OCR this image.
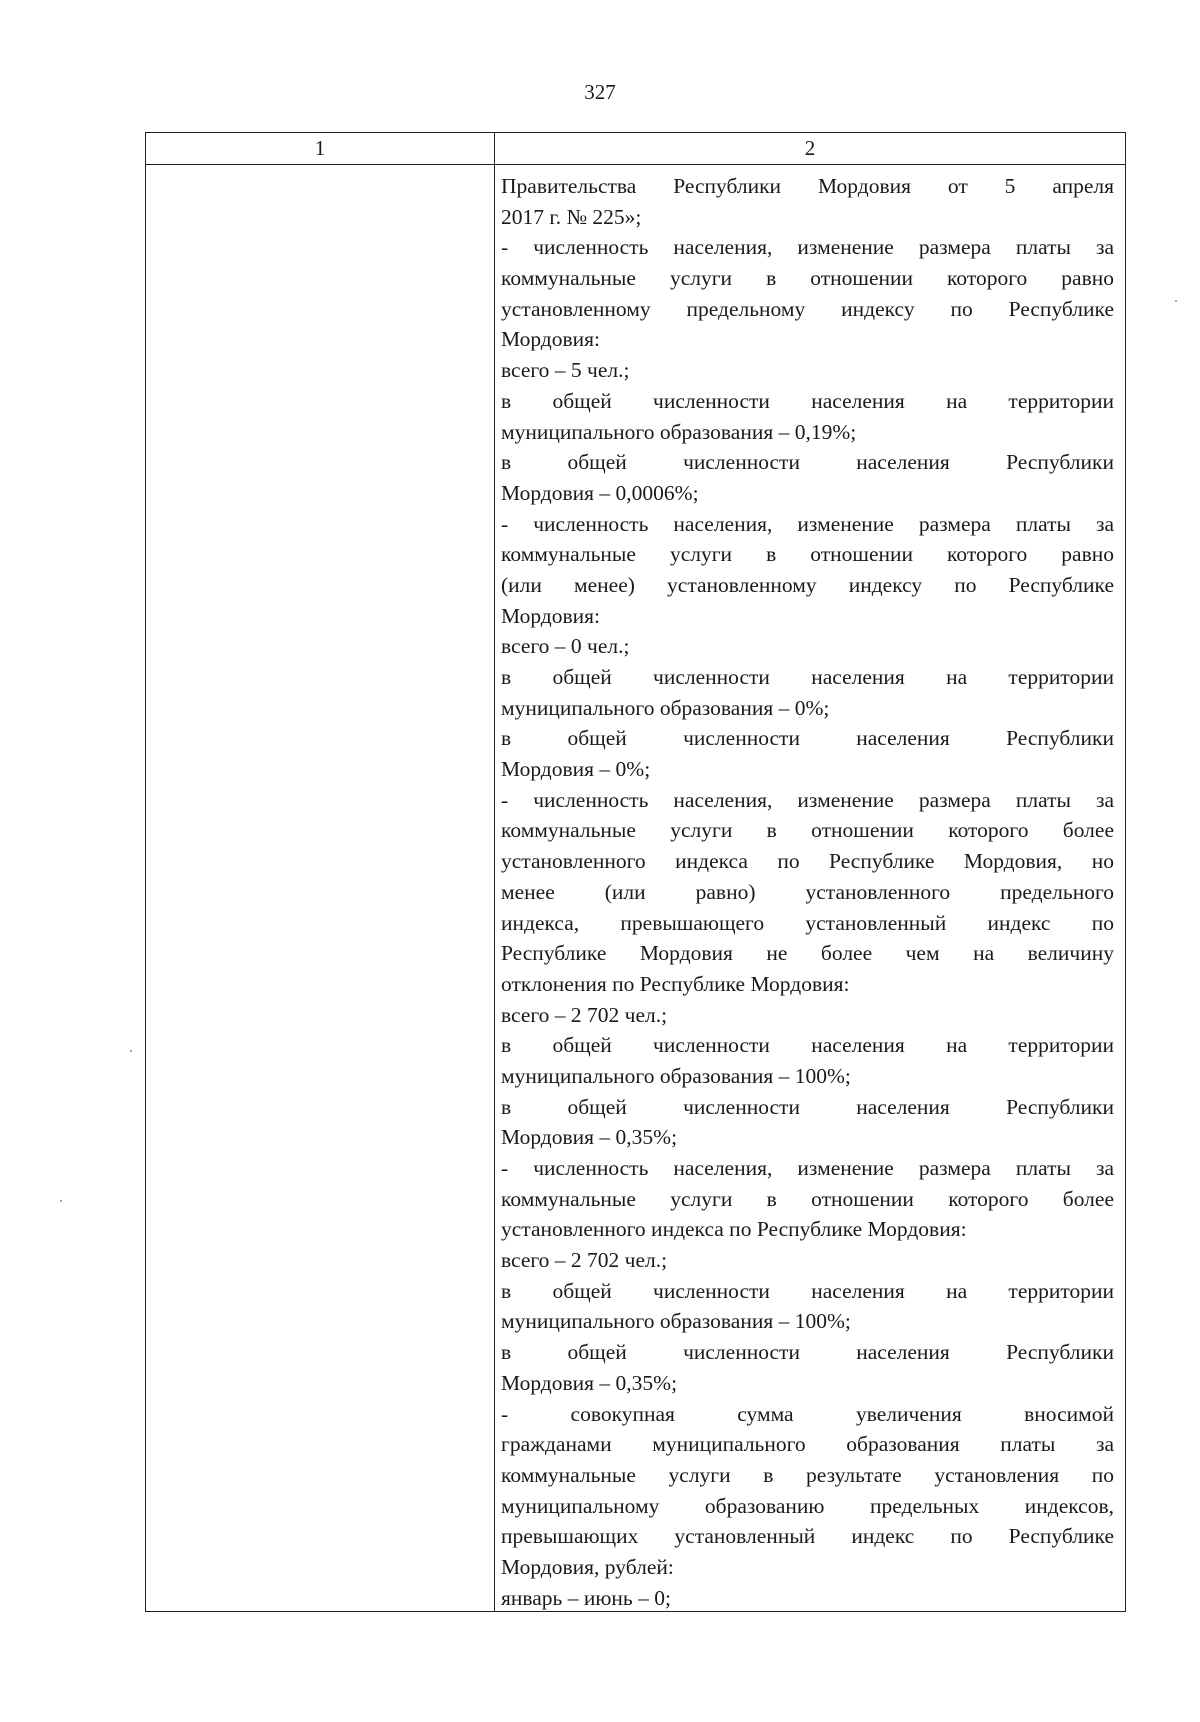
327
1	2
Правительства Республики Мордовия от 5 апреля
2017 г. № 225»;
- численность населения, изменение размера платы за
коммунальные услуги в отношении которого равно
установленному предельному индексу по Республике
Мордовия:
всего – 5 чел.;
в общей численности населения на территории
муниципального образования – 0,19%;
в общей численности населения Республики
Мордовия – 0,0006%;
- численность населения, изменение размера платы за
коммунальные услуги в отношении которого равно
(или менее) установленному индексу по Республике
Мордовия:
всего – 0 чел.;
в общей численности населения на территории
муниципального образования – 0%;
в общей численности населения Республики
Мордовия – 0%;
- численность населения, изменение размера платы за
коммунальные услуги в отношении которого более
установленного индекса по Республике Мордовия, но
менее (или равно) установленного предельного
индекса, превышающего установленный индекс по
Республике Мордовия не более чем на величину
отклонения по Республике Мордовия:
всего – 2 702 чел.;
в общей численности населения на территории
муниципального образования – 100%;
в общей численности населения Республики
Мордовия – 0,35%;
- численность населения, изменение размера платы за
коммунальные услуги в отношении которого более
установленного индекса по Республике Мордовия:
всего – 2 702 чел.;
в общей численности населения на территории
муниципального образования – 100%;
в общей численности населения Республики
Мордовия – 0,35%;
- совокупная сумма увеличения вносимой
гражданами муниципального образования платы за
коммунальные услуги в результате установления по
муниципальному образованию предельных индексов,
превышающих установленный индекс по Республике
Мордовия, рублей:
январь – июнь – 0;
